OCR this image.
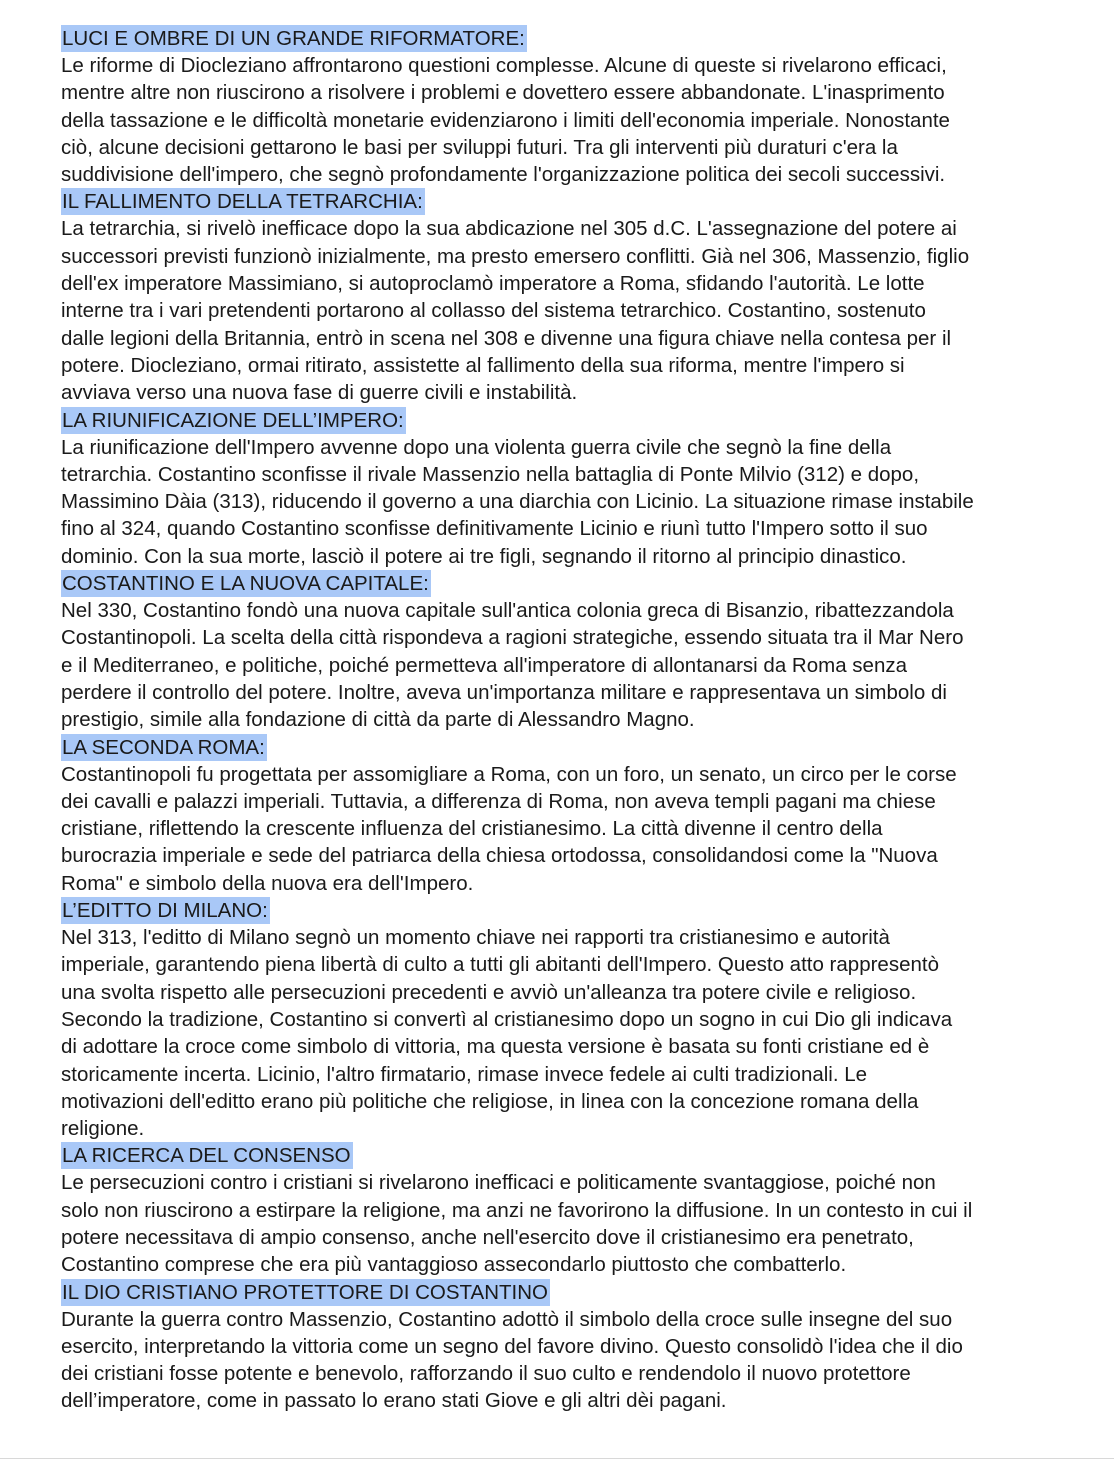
LUCI E OMBRE DI UN GRANDE RIFORMATORE:
Le riforme di Diocleziano affrontarono questioni complesse. Alcune di queste si rivelarono efficaci,
mentre altre non riuscirono a risolvere i problemi e dovettero essere abbandonate. L'inasprimento
della tassazione e le difficoltà monetarie evidenziarono i limiti dell'economia imperiale. Nonostante
ciò, alcune decisioni gettarono le basi per sviluppi futuri. Tra gli interventi più duraturi c'era la
suddivisione dell'impero, che segnò profondamente l'organizzazione politica dei secoli successivi.
IL FALLIMENTO DELLA TETRARCHIA:
La tetrarchia, si rivelò inefficace dopo la sua abdicazione nel 305 d.C. L'assegnazione del potere ai
successori previsti funzionò inizialmente, ma presto emersero conflitti. Già nel 306, Massenzio, figlio
dell'ex imperatore Massimiano, si autoproclamò imperatore a Roma, sfidando l'autorità. Le lotte
interne tra i vari pretendenti portarono al collasso del sistema tetrarchico. Costantino, sostenuto
dalle legioni della Britannia, entrò in scena nel 308 e divenne una figura chiave nella contesa per il
potere. Diocleziano, ormai ritirato, assistette al fallimento della sua riforma, mentre l'impero si
avviava verso una nuova fase di guerre civili e instabilità.
LA RIUNIFICAZIONE DELL’IMPERO:
La riunificazione dell'Impero avvenne dopo una violenta guerra civile che segnò la fine della
tetrarchia. Costantino sconfisse il rivale Massenzio nella battaglia di Ponte Milvio (312) e dopo,
Massimino Dàia (313), riducendo il governo a una diarchia con Licinio. La situazione rimase instabile
fino al 324, quando Costantino sconfisse definitivamente Licinio e riunì tutto l'Impero sotto il suo
dominio. Con la sua morte, lasciò il potere ai tre figli, segnando il ritorno al principio dinastico.
COSTANTINO E LA NUOVA CAPITALE:
Nel 330, Costantino fondò una nuova capitale sull'antica colonia greca di Bisanzio, ribattezzandola
Costantinopoli. La scelta della città rispondeva a ragioni strategiche, essendo situata tra il Mar Nero
e il Mediterraneo, e politiche, poiché permetteva all'imperatore di allontanarsi da Roma senza
perdere il controllo del potere. Inoltre, aveva un'importanza militare e rappresentava un simbolo di
prestigio, simile alla fondazione di città da parte di Alessandro Magno.
LA SECONDA ROMA:
Costantinopoli fu progettata per assomigliare a Roma, con un foro, un senato, un circo per le corse
dei cavalli e palazzi imperiali. Tuttavia, a differenza di Roma, non aveva templi pagani ma chiese
cristiane, riflettendo la crescente influenza del cristianesimo. La città divenne il centro della
burocrazia imperiale e sede del patriarca della chiesa ortodossa, consolidandosi come la "Nuova
Roma" e simbolo della nuova era dell'Impero.
L’EDITTO DI MILANO:
Nel 313, l'editto di Milano segnò un momento chiave nei rapporti tra cristianesimo e autorità
imperiale, garantendo piena libertà di culto a tutti gli abitanti dell'Impero. Questo atto rappresentò
una svolta rispetto alle persecuzioni precedenti e avviò un'alleanza tra potere civile e religioso.
Secondo la tradizione, Costantino si convertì al cristianesimo dopo un sogno in cui Dio gli indicava
di adottare la croce come simbolo di vittoria, ma questa versione è basata su fonti cristiane ed è
storicamente incerta. Licinio, l'altro firmatario, rimase invece fedele ai culti tradizionali. Le
motivazioni dell'editto erano più politiche che religiose, in linea con la concezione romana della
religione.
LA RICERCA DEL CONSENSO
Le persecuzioni contro i cristiani si rivelarono inefficaci e politicamente svantaggiose, poiché non
solo non riuscirono a estirpare la religione, ma anzi ne favorirono la diffusione. In un contesto in cui il
potere necessitava di ampio consenso, anche nell'esercito dove il cristianesimo era penetrato,
Costantino comprese che era più vantaggioso assecondarlo piuttosto che combatterlo.
IL DIO CRISTIANO PROTETTORE DI COSTANTINO
Durante la guerra contro Massenzio, Costantino adottò il simbolo della croce sulle insegne del suo
esercito, interpretando la vittoria come un segno del favore divino. Questo consolidò l'idea che il dio
dei cristiani fosse potente e benevolo, rafforzando il suo culto e rendendolo il nuovo protettore
dell’imperatore, come in passato lo erano stati Giove e gli altri dèi pagani.
